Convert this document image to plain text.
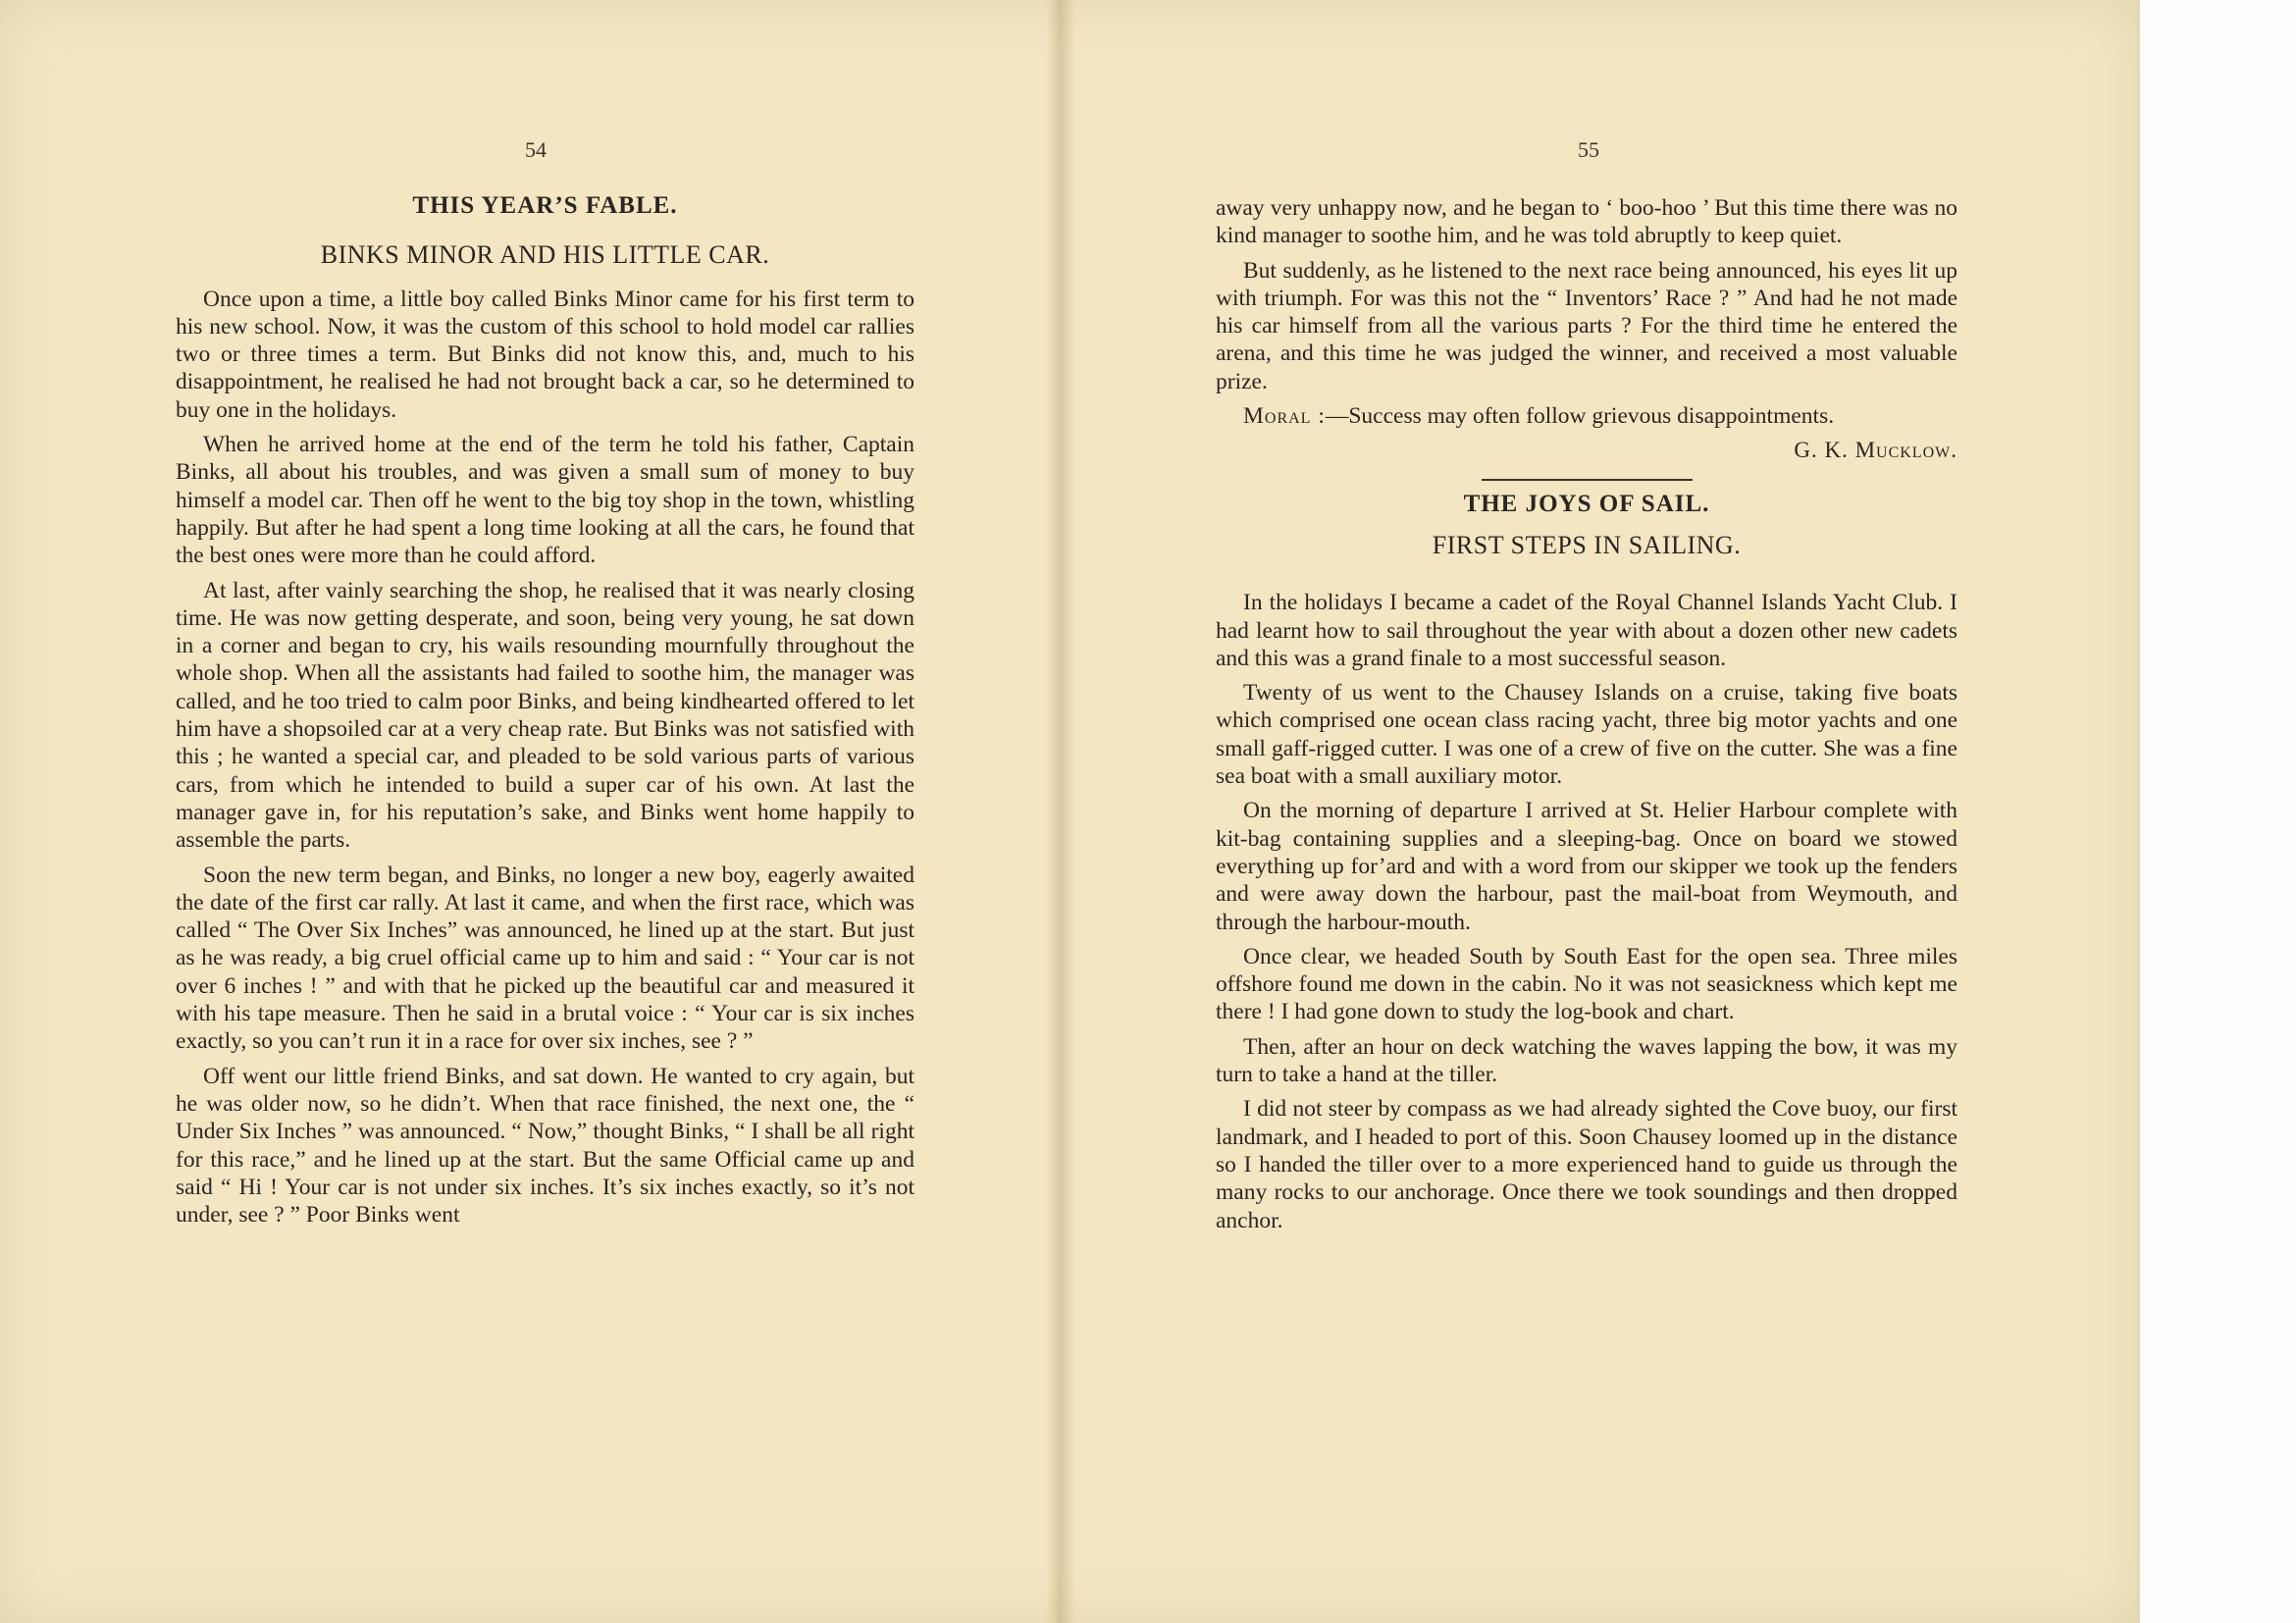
54
THIS YEAR’S FABLE.
BINKS MINOR AND HIS LITTLE CAR.

Once upon a time, a little boy called Binks Minor came for his first term to his new school. Now, it was the custom of this school to hold model car rallies two or three times a term. But Binks did not know this, and, much to his disappointment, he realised he had not brought back a car, so he determined to buy one in the holidays.

When he arrived home at the end of the term he told his father, Captain Binks, all about his troubles, and was given a small sum of money to buy himself a model car. Then off he went to the big toy shop in the town, whistling happily. But after he had spent a long time looking at all the cars, he found that the best ones were more than he could afford.

At last, after vainly searching the shop, he realised that it was nearly closing time. He was now getting desperate, and soon, being very young, he sat down in a corner and began to cry, his wails resounding mournfully throughout the whole shop. When all the assistants had failed to soothe him, the manager was called, and he too tried to calm poor Binks, and being kindhearted offered to let him have a shopsoiled car at a very cheap rate. But Binks was not satisfied with this ; he wanted a special car, and pleaded to be sold various parts of various cars, from which he intended to build a super car of his own. At last the manager gave in, for his reputation’s sake, and Binks went home happily to assemble the parts.

Soon the new term began, and Binks, no longer a new boy, eagerly awaited the date of the first car rally. At last it came, and when the first race, which was called “ The Over Six Inches” was announced, he lined up at the start. But just as he was ready, a big cruel official came up to him and said : “ Your car is not over 6 inches ! ” and with that he picked up the beautiful car and measured it with his tape measure. Then he said in a brutal voice : “ Your car is six inches exactly, so you can’t run it in a race for over six inches, see ? ”

Off went our little friend Binks, and sat down. He wanted to cry again, but he was older now, so he didn’t. When that race finished, the next one, the “ Under Six Inches ” was announced. “ Now,” thought Binks, “ I shall be all right for this race,” and he lined up at the start. But the same Official came up and said “ Hi ! Your car is not under six inches. It’s six inches exactly, so it’s not under, see ? ” Poor Binks went

55

away very unhappy now, and he began to ‘ boo-hoo ’ But this time there was no kind manager to soothe him, and he was told abruptly to keep quiet.

But suddenly, as he listened to the next race being announced, his eyes lit up with triumph. For was this not the “ Inventors’ Race ? ” And had he not made his car himself from all the various parts ? For the third time he entered the arena, and this time he was judged the winner, and received a most valuable prize.

Moral :—Success may often follow grievous disappointments.

G. K. Mucklow.
THE JOYS OF SAIL.
FIRST STEPS IN SAILING.

In the holidays I became a cadet of the Royal Channel Islands Yacht Club. I had learnt how to sail throughout the year with about a dozen other new cadets and this was a grand finale to a most successful season.

Twenty of us went to the Chausey Islands on a cruise, taking five boats which comprised one ocean class racing yacht, three big motor yachts and one small gaff-rigged cutter. I was one of a crew of five on the cutter. She was a fine sea boat with a small auxiliary motor.

On the morning of departure I arrived at St. Helier Harbour complete with kit-bag containing supplies and a sleeping-bag. Once on board we stowed everything up for’ard and with a word from our skipper we took up the fenders and were away down the harbour, past the mail-boat from Weymouth, and through the harbour-mouth.

Once clear, we headed South by South East for the open sea. Three miles offshore found me down in the cabin. No it was not seasickness which kept me there ! I had gone down to study the log-book and chart.

Then, after an hour on deck watching the waves lapping the bow, it was my turn to take a hand at the tiller.

I did not steer by compass as we had already sighted the Cove buoy, our first landmark, and I headed to port of this. Soon Chausey loomed up in the distance so I handed the tiller over to a more experienced hand to guide us through the many rocks to our anchorage. Once there we took soundings and then dropped anchor.
